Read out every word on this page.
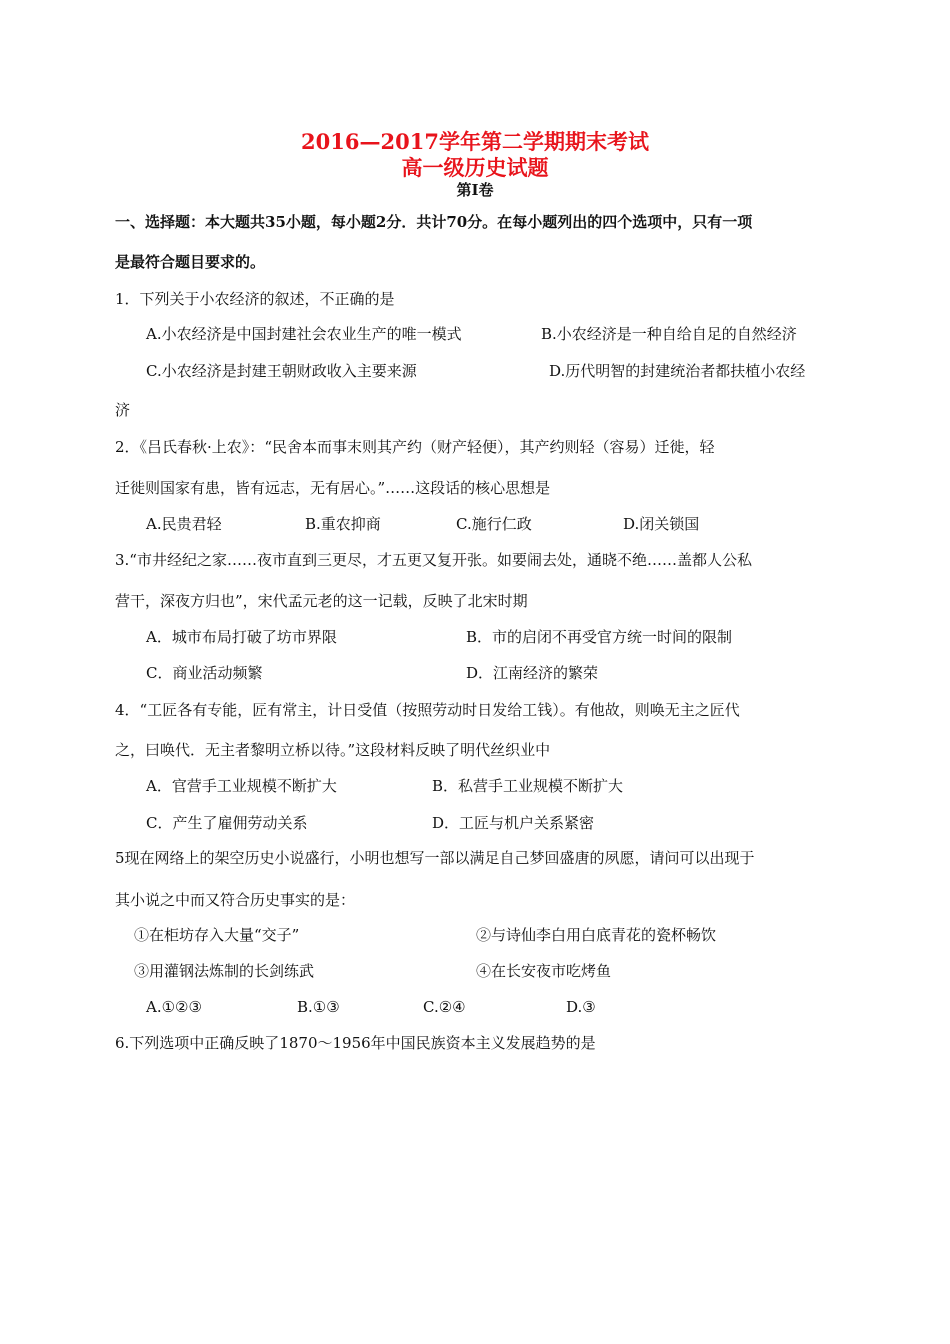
2016—2017学年第二学期期末考试
高一级历史试题
第Ⅰ卷
一、选择题：本大题共35小题，每小题2分．共计70分。在每小题列出的四个选项中，只有一项
是最符合题目要求的。
1．下列关于小农经济的叙述，不正确的是
A.小农经济是中国封建社会农业生产的唯一模式	B.小农经济是一种自给自足的自然经济
C.小农经济是封建王朝财政收入主要来源	D.历代明智的封建统治者都扶植小农经
济
2．《吕氏春秋·上农》：“民舍本而事末则其产约（财产轻便），其产约则轻（容易）迁徙，轻
迁徙则国家有患，皆有远志，无有居心。”……这段话的核心思想是
A.民贵君轻	B.重农抑商	C.施行仁政	D.闭关锁国
3.“市井经纪之家……夜市直到三更尽，才五更又复开张。如要闹去处，通晓不绝……盖都人公私
营干，深夜方归也”，宋代孟元老的这一记载，反映了北宋时期
A．城市布局打破了坊市界限	B．市的启闭不再受官方统一时间的限制
C．商业活动频繁	D．江南经济的繁荣
4．“工匠各有专能，匠有常主，计日受值（按照劳动时日发给工钱）。有他故，则唤无主之匠代
之，曰唤代．无主者黎明立桥以待。”这段材料反映了明代丝织业中
A．官营手工业规模不断扩大	B．私营手工业规模不断扩大
C．产生了雇佣劳动关系	D．工匠与机户关系紧密
5现在网络上的架空历史小说盛行，小明也想写一部以满足自己梦回盛唐的夙愿，请问可以出现于
其小说之中而又符合历史事实的是：
①在柜坊存入大量“交子”	②与诗仙李白用白底青花的瓷杯畅饮
③用灌钢法炼制的长剑练武	④在长安夜市吃烤鱼
A.①②③	B.①③	C.②④	D.③
6.下列选项中正确反映了1870～1956年中国民族资本主义发展趋势的是
